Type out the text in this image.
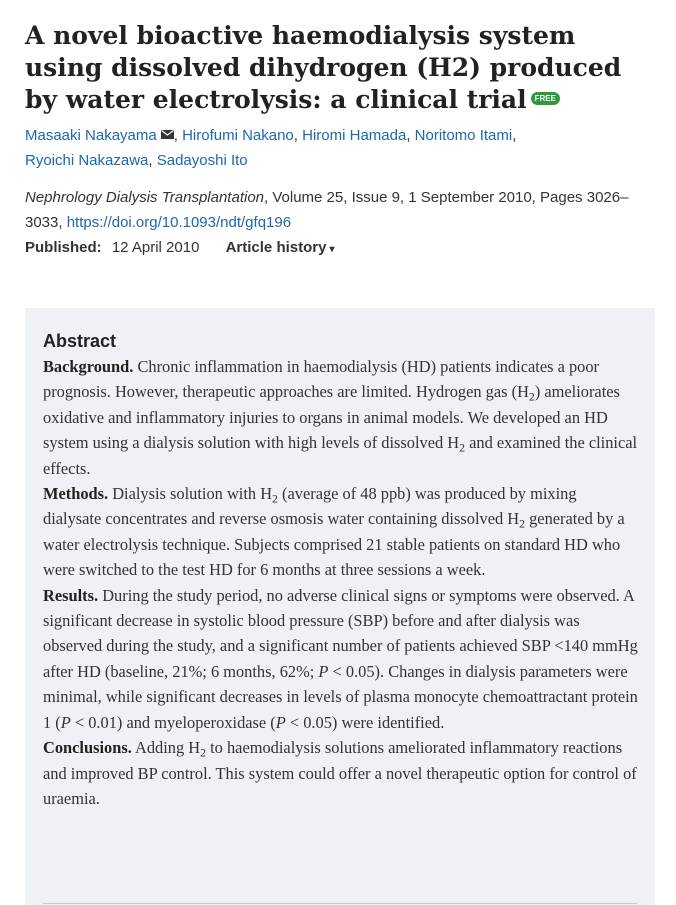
A novel bioactive haemodialysis system using dissolved dihydrogen (H2) produced by water electrolysis: a clinical trial FREE
Masaaki Nakayama , Hirofumi Nakano, Hiromi Hamada, Noritomo Itami,
Ryoichi Nakazawa, Sadayoshi Ito
Nephrology Dialysis Transplantation, Volume 25, Issue 9, 1 September 2010, Pages 3026–3033, https://doi.org/10.1093/ndt/gfq196
Published: 12 April 2010 Article history ▾
Abstract

Background. Chronic inflammation in haemodialysis (HD) patients indicates a poor prognosis. However, therapeutic approaches are limited. Hydrogen gas $(H_2)$ ameliorates oxidative and inflammatory injuries to organs in animal models. We developed an HD system using a dialysis solution with high levels of dissolved $H_2$ and examined the clinical effects.

Methods. Dialysis solution with $H_2$ (average of 48 ppb) was produced by mixing dialysate concentrates and reverse osmosis water containing dissolved $H_2$ generated by a water electrolysis technique. Subjects comprised 21 stable patients on standard HD who were switched to the test HD for 6 months at three sessions a week.

Results. During the study period, no adverse clinical signs or symptoms were observed. A significant decrease in systolic blood pressure (SBP) before and after dialysis was observed during the study, and a significant number of patients achieved SBP <140 mmHg after HD (baseline, 21%; 6 months, 62%; P < 0.05). Changes in dialysis parameters were minimal, while significant decreases in levels of plasma monocyte chemoattractant protein 1 (P < 0.01) and myeloperoxidase (P < 0.05) were identified.

Conclusions. Adding $H_2$ to haemodialysis solutions ameliorated inflammatory reactions and improved BP control. This system could offer a novel therapeutic option for control of uraemia.
